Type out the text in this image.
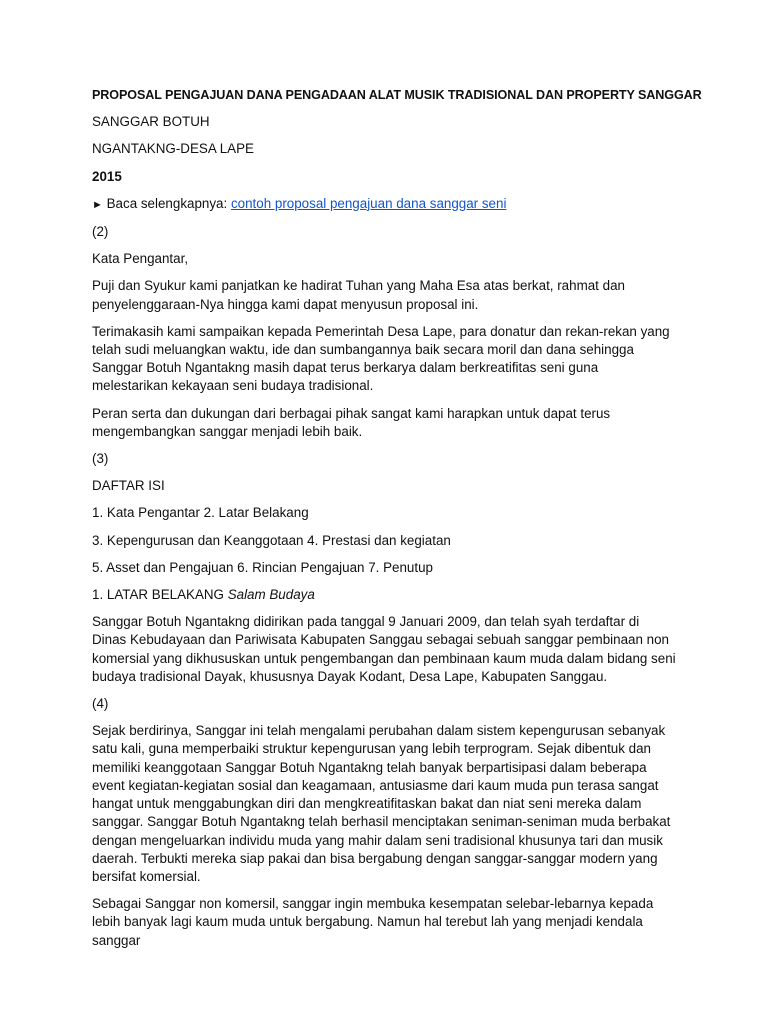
PROPOSAL PENGAJUAN DANA PENGADAAN ALAT MUSIK TRADISIONAL DAN PROPERTY SANGGAR

SANGGAR BOTUH

NGANTAKNG-DESA LAPE

2015

► Baca selengkapnya: contoh proposal pengajuan dana sanggar seni

(2)

Kata Pengantar,

Puji dan Syukur kami panjatkan ke hadirat Tuhan yang Maha Esa atas berkat, rahmat dan penyelenggaraan-Nya hingga kami dapat menyusun proposal ini.

Terimakasih kami sampaikan kepada Pemerintah Desa Lape, para donatur dan rekan-rekan yang telah sudi meluangkan waktu, ide dan sumbangannya baik secara moril dan dana sehingga Sanggar Botuh Ngantakng masih dapat terus berkarya dalam berkreatifitas seni guna melestarikan kekayaan seni budaya tradisional.

Peran serta dan dukungan dari berbagai pihak sangat kami harapkan untuk dapat terus mengembangkan sanggar menjadi lebih baik.

(3)

DAFTAR ISI

1. Kata Pengantar 2. Latar Belakang

3. Kepengurusan dan Keanggotaan 4. Prestasi dan kegiatan

5. Asset dan Pengajuan 6. Rincian Pengajuan 7. Penutup

1. LATAR BELAKANG Salam Budaya

Sanggar Botuh Ngantakng didirikan pada tanggal 9 Januari 2009, dan telah syah terdaftar di Dinas Kebudayaan dan Pariwisata Kabupaten Sanggau sebagai sebuah sanggar pembinaan non komersial yang dikhususkan untuk pengembangan dan pembinaan kaum muda dalam bidang seni budaya tradisional Dayak, khususnya Dayak Kodant, Desa Lape, Kabupaten Sanggau.

(4)

Sejak berdirinya, Sanggar ini telah mengalami perubahan dalam sistem kepengurusan sebanyak satu kali, guna memperbaiki struktur kepengurusan yang lebih terprogram. Sejak dibentuk dan memiliki keanggotaan Sanggar Botuh Ngantakng telah banyak berpartisipasi dalam beberapa event kegiatan-kegiatan sosial dan keagamaan, antusiasme dari kaum muda pun terasa sangat hangat untuk menggabungkan diri dan mengkreatifitaskan bakat dan niat seni mereka dalam sanggar. Sanggar Botuh Ngantakng telah berhasil menciptakan seniman-seniman muda berbakat dengan mengeluarkan individu muda yang mahir dalam seni tradisional khusunya tari dan musik daerah. Terbukti mereka siap pakai dan bisa bergabung dengan sanggar-sanggar modern yang bersifat komersial.

Sebagai Sanggar non komersil, sanggar ingin membuka kesempatan selebar-lebarnya kepada lebih banyak lagi kaum muda untuk bergabung. Namun hal terebut lah yang menjadi kendala sanggar
